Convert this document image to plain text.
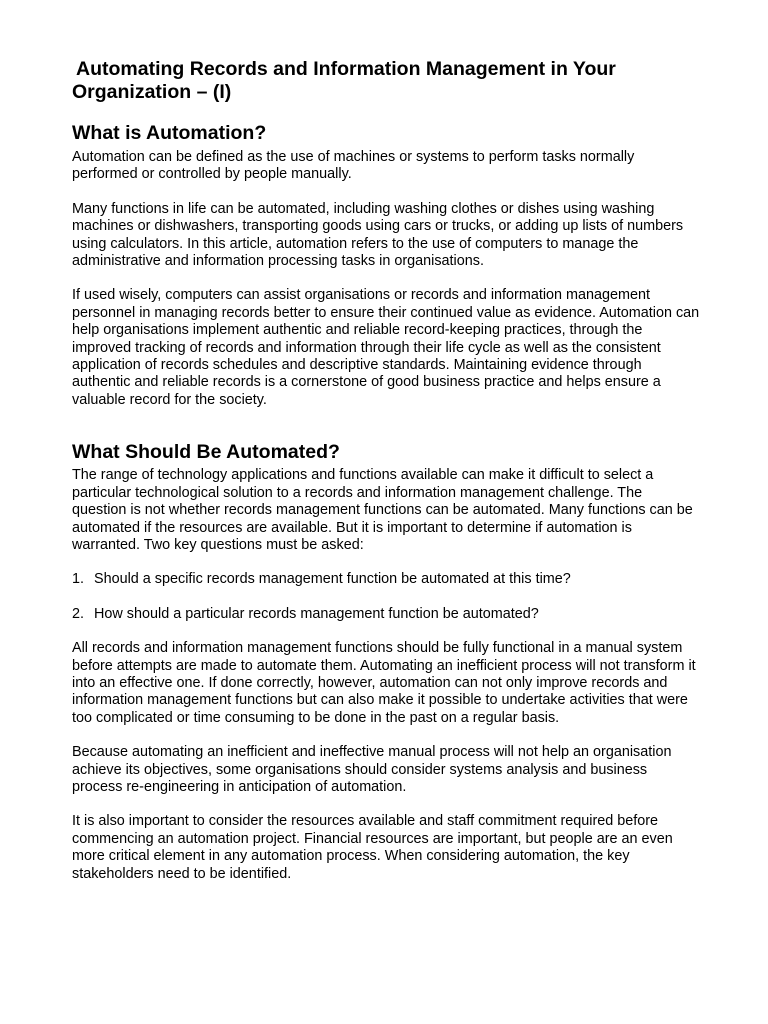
Automating Records and Information Management in Your
Organization – (I)
What is Automation?

Automation can be defined as the use of machines or systems to perform tasks normally performed or controlled by people manually.

Many functions in life can be automated, including washing clothes or dishes using washing machines or dishwashers, transporting goods using cars or trucks, or adding up lists of numbers using calculators. In this article, automation refers to the use of computers to manage the administrative and information processing tasks in organisations.

If used wisely, computers can assist organisations or records and information management personnel in managing records better to ensure their continued value as evidence. Automation can help organisations implement authentic and reliable record-keeping practices, through the improved tracking of records and information through their life cycle as well as the consistent application of records schedules and descriptive standards. Maintaining evidence through authentic and reliable records is a cornerstone of good business practice and helps ensure a valuable record for the society.

What Should Be Automated?

The range of technology applications and functions available can make it difficult to select a particular technological solution to a records and information management challenge. The question is not whether records management functions can be automated. Many functions can be automated if the resources are available. But it is important to determine if automation is warranted. Two key questions must be asked:

1. Should a specific records management function be automated at this time?
2. How should a particular records management function be automated?

All records and information management functions should be fully functional in a manual system before attempts are made to automate them. Automating an inefficient process will not transform it into an effective one. If done correctly, however, automation can not only improve records and information management functions but can also make it possible to undertake activities that were too complicated or time consuming to be done in the past on a regular basis.

Because automating an inefficient and ineffective manual process will not help an organisation achieve its objectives, some organisations should consider systems analysis and business process re-engineering in anticipation of automation.

It is also important to consider the resources available and staff commitment required before commencing an automation project. Financial resources are important, but people are an even more critical element in any automation process. When considering automation, the key stakeholders need to be identified.
